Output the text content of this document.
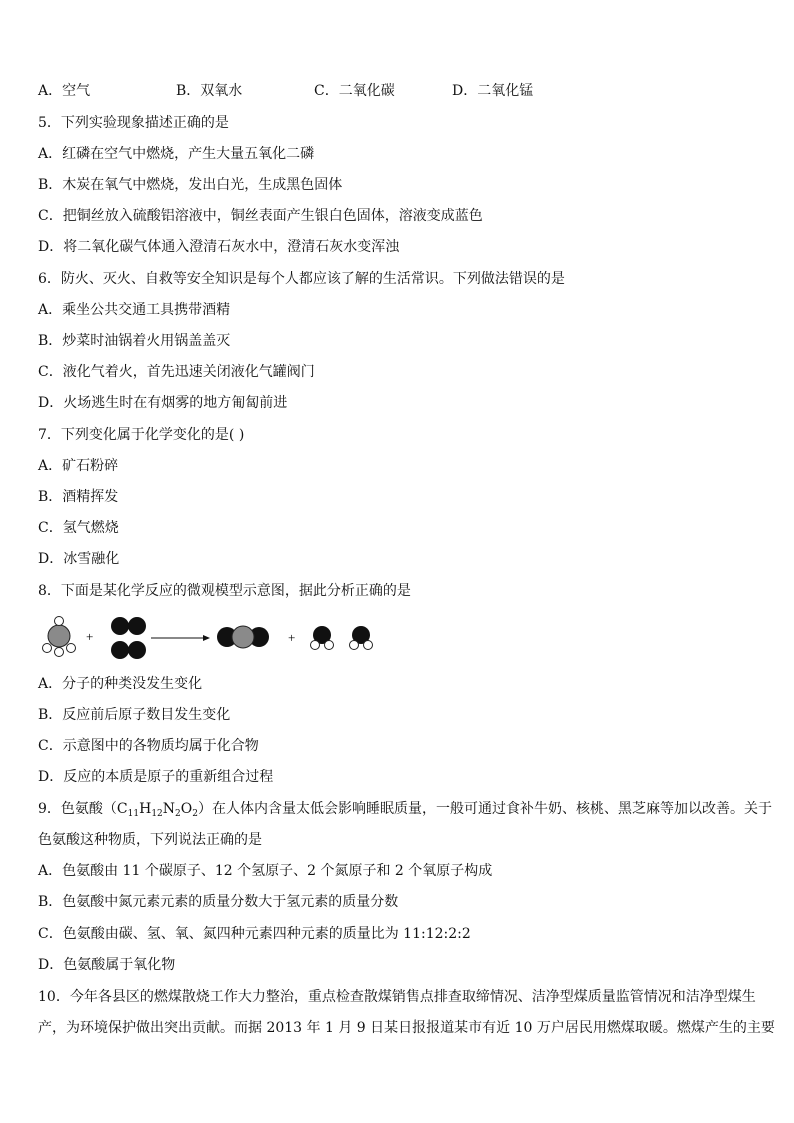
A．空气	B．双氧水	C．二氧化碳	D．二氧化锰
5．下列实验现象描述正确的是
A．红磷在空气中燃烧，产生大量五氧化二磷
B．木炭在氧气中燃烧，发出白光，生成黑色固体
C．把铜丝放入硫酸铝溶液中，铜丝表面产生银白色固体，溶液变成蓝色
D．将二氧化碳气体通入澄清石灰水中，澄清石灰水变浑浊
6．防火、灭火、自救等安全知识是每个人都应该了解的生活常识。下列做法错误的是
A．乘坐公共交通工具携带酒精
B．炒菜时油锅着火用锅盖盖灭
C．液化气着火，首先迅速关闭液化气罐阀门
D．火场逃生时在有烟雾的地方匍匐前进
7．下列变化属于化学变化的是( )
A．矿石粉碎
B．酒精挥发
C．氢气燃烧
D．冰雪融化
8．下面是某化学反应的微观模型示意图，据此分析正确的是
+	+
A．分子的种类没发生变化
B．反应前后原子数目发生变化
C．示意图中的各物质均属于化合物
D．反应的本质是原子的重新组合过程
9．色氨酸$(C_{11}H_{12}N_2O_2)$在人体内含量太低会影响睡眠质量，一般可通过食补牛奶、核桃、黑芝麻等加以改善。关于
色氨酸这种物质，下列说法正确的是
A．色氨酸由 11 个碳原子、12 个氢原子、2 个氮原子和 2 个氧原子构成
B．色氨酸中氮元素元素的质量分数大于氢元素的质量分数
C．色氨酸由碳、氢、氧、氮四种元素四种元素的质量比为 11:12:2:2
D．色氨酸属于氧化物
10．今年各县区的燃煤散烧工作大力整治，重点检查散煤销售点排查取缔情况、洁净型煤质量监管情况和洁净型煤生
产，为环境保护做出突出贡献。而据 2013 年 1 月 9 日某日报报道某市有近 10 万户居民用燃煤取暖。燃煤产生的主要
